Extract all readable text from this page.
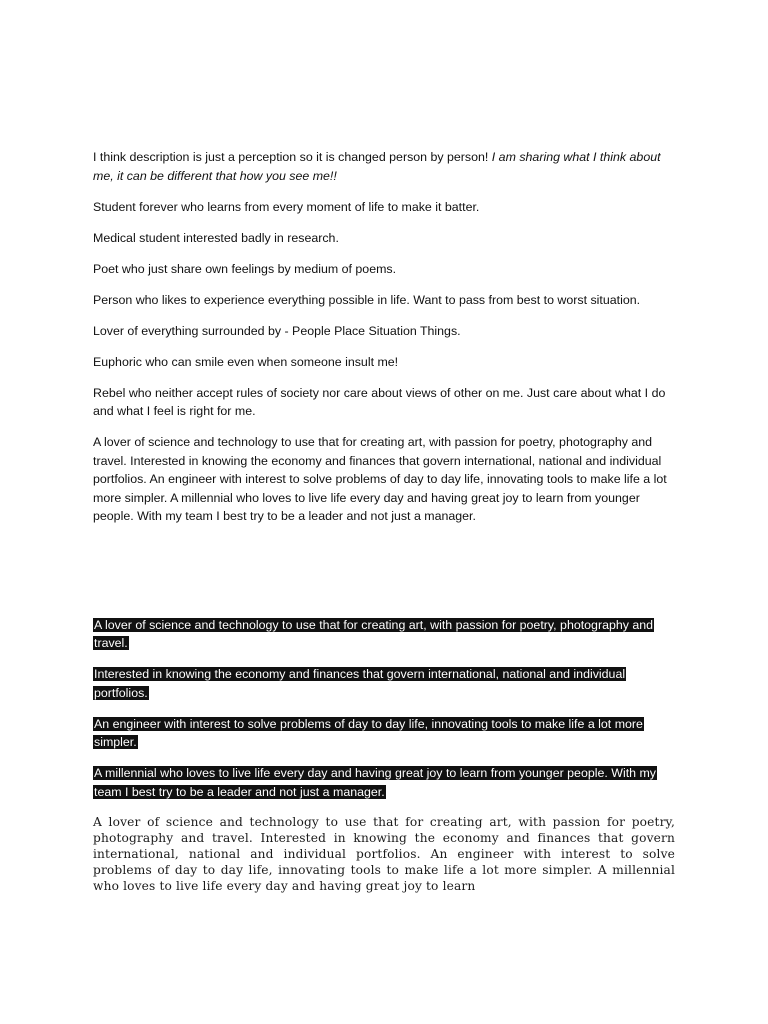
I think description is just a perception so it is changed person by person! I am sharing what I think about me, it can be different that how you see me!!

Student forever who learns from every moment of life to make it batter.

Medical student interested badly in research.

Poet who just share own feelings by medium of poems.

Person who likes to experience everything possible in life. Want to pass from best to worst situation.

Lover of everything surrounded by - People Place Situation Things.

Euphoric who can smile even when someone insult me!

Rebel who neither accept rules of society nor care about views of other on me. Just care about what I do and what I feel is right for me.

A lover of science and technology to use that for creating art, with passion for poetry, photography and travel. Interested in knowing the economy and finances that govern international, national and individual portfolios. An engineer with interest to solve problems of day to day life, innovating tools to make life a lot more simpler. A millennial who loves to live life every day and having great joy to learn from younger people. With my team I best try to be a leader and not just a manager.

A lover of science and technology to use that for creating art, with passion for poetry, photography and travel.

Interested in knowing the economy and finances that govern international, national and individual portfolios.

An engineer with interest to solve problems of day to day life, innovating tools to make life a lot more simpler.

A millennial who loves to live life every day and having great joy to learn from younger people. With my team I best try to be a leader and not just a manager.

A lover of science and technology to use that for creating art, with passion for poetry, photography and travel. Interested in knowing the economy and finances that govern international, national and individual portfolios. An engineer with interest to solve problems of day to day life, innovating tools to make life a lot more simpler. A millennial who loves to live life every day and having great joy to learn
